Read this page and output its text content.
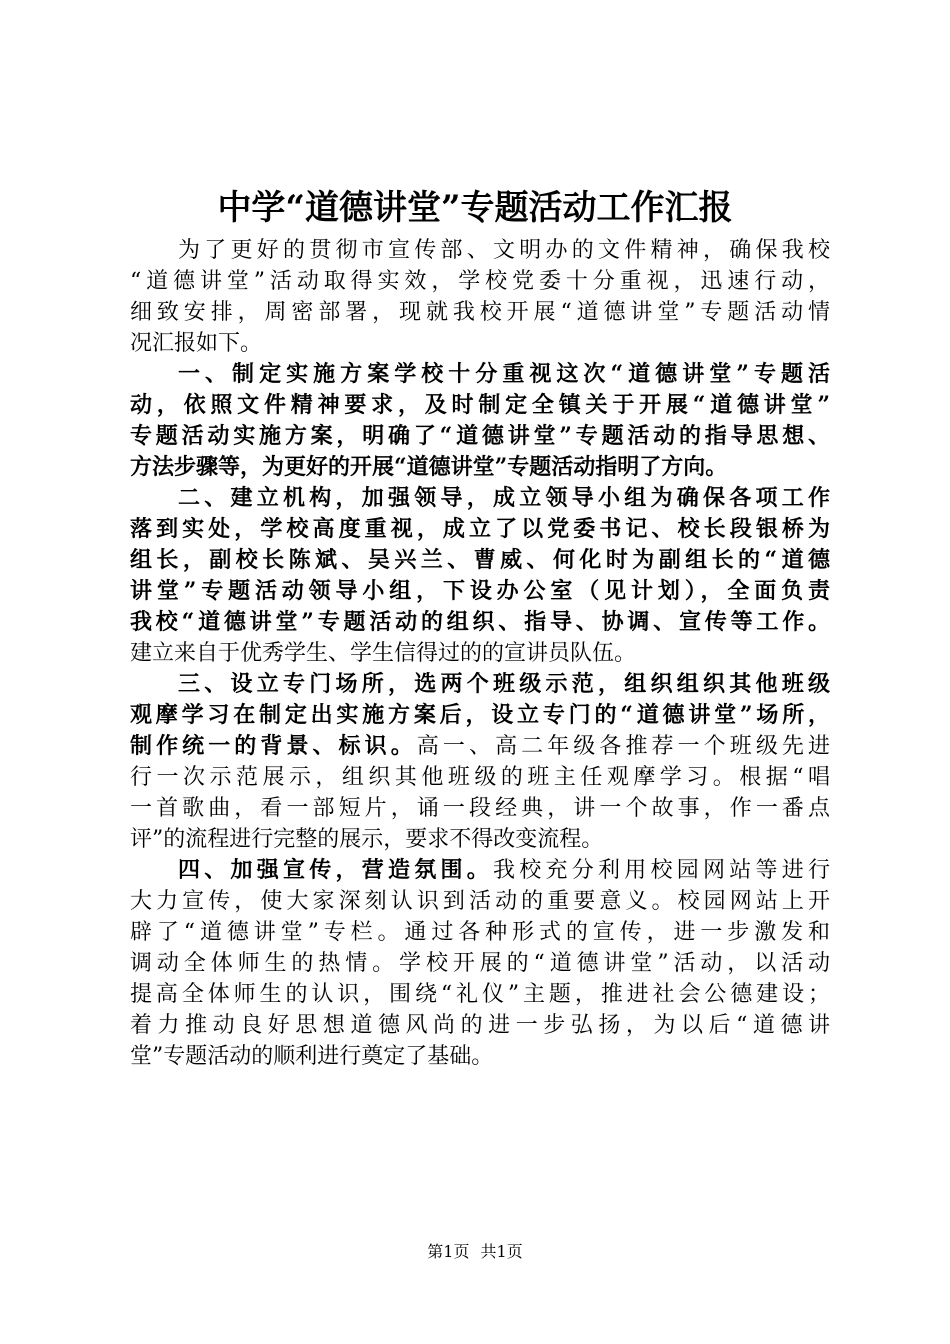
中学“道德讲堂”专题活动工作汇报
为了更好的贯彻市宣传部、文明办的文件精神，确保我校
“道德讲堂”活动取得实效，学校党委十分重视，迅速行动，
细致安排，周密部署，现就我校开展“道德讲堂”专题活动情
况汇报如下。
一、制定实施方案学校十分重视这次“道德讲堂”专题活
动，依照文件精神要求，及时制定全镇关于开展“道德讲堂”
专题活动实施方案，明确了“道德讲堂”专题活动的指导思想、
方法步骤等，为更好的开展“道德讲堂”专题活动指明了方向。
二、建立机构，加强领导，成立领导小组为确保各项工作
落到实处，学校高度重视，成立了以党委书记、校长段银桥为
组长，副校长陈斌、吴兴兰、曹威、何化时为副组长的“道德
讲堂”专题活动领导小组，下设办公室（见计划），全面负责
我校“道德讲堂”专题活动的组织、指导、协调、宣传等工作。
建立来自于优秀学生、学生信得过的的宣讲员队伍。
三、设立专门场所，选两个班级示范，组织组织其他班级
观摩学习在制定出实施方案后，设立专门的“道德讲堂”场所，
制作统一的背景、标识。高一、高二年级各推荐一个班级先进
行一次示范展示，组织其他班级的班主任观摩学习。根据“唱
一首歌曲，看一部短片，诵一段经典，讲一个故事，作一番点
评”的流程进行完整的展示，要求不得改变流程。
四、加强宣传，营造氛围。我校充分利用校园网站等进行
大力宣传，使大家深刻认识到活动的重要意义。校园网站上开
辟了“道德讲堂”专栏。通过各种形式的宣传，进一步激发和
调动全体师生的热情。学校开展的“道德讲堂”活动，以活动
提高全体师生的认识，围绕“礼仪”主题，推进社会公德建设；
着力推动良好思想道德风尚的进一步弘扬，为以后“道德讲
堂”专题活动的顺利进行奠定了基础。
第1页 共1页
